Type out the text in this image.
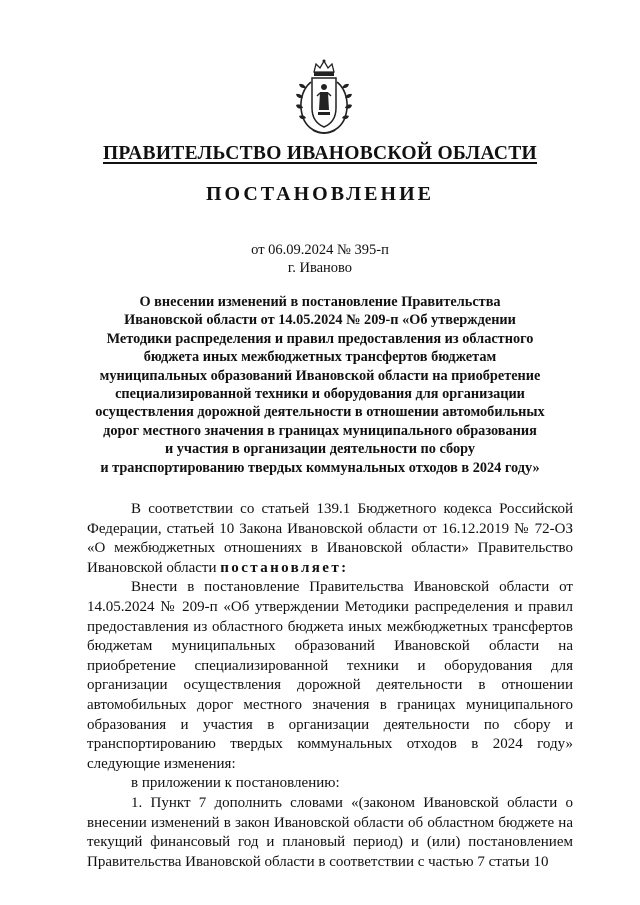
ПРАВИТЕЛЬСТВО ИВАНОВСКОЙ ОБЛАСТИ
ПОСТАНОВЛЕНИЕ
от 06.09.2024 № 395-п
г. Иваново
О внесении изменений в постановление Правительства
Ивановской области от 14.05.2024 № 209-п «Об утверждении
Методики распределения и правил предоставления из областного
бюджета иных межбюджетных трансфертов бюджетам
муниципальных образований Ивановской области на приобретение
специализированной техники и оборудования для организации
осуществления дорожной деятельности в отношении автомобильных
дорог местного значения в границах муниципального образования
и участия в организации деятельности по сбору
и транспортированию твердых коммунальных отходов в 2024 году»
В соответствии со статьей 139.1 Бюджетного кодекса Российской Федерации, статьей 10 Закона Ивановской области от 16.12.2019 № 72-ОЗ «О межбюджетных отношениях в Ивановской области» Правительство Ивановской области постановляет:
Внести в постановление Правительства Ивановской области от 14.05.2024 № 209-п «Об утверждении Методики распределения и правил предоставления из областного бюджета иных межбюджетных трансфертов бюджетам муниципальных образований Ивановской области на приобретение специализированной техники и оборудования для организации осуществления дорожной деятельности в отношении автомобильных дорог местного значения в границах муниципального образования и участия в организации деятельности по сбору и транспортированию твердых коммунальных отходов в 2024 году» следующие изменения:
в приложении к постановлению:
1. Пункт 7 дополнить словами «(законом Ивановской области о внесении изменений в закон Ивановской области об областном бюджете на текущий финансовый год и плановый период) и (или) постановлением Правительства Ивановской области в соответствии с частью 7 статьи 10
